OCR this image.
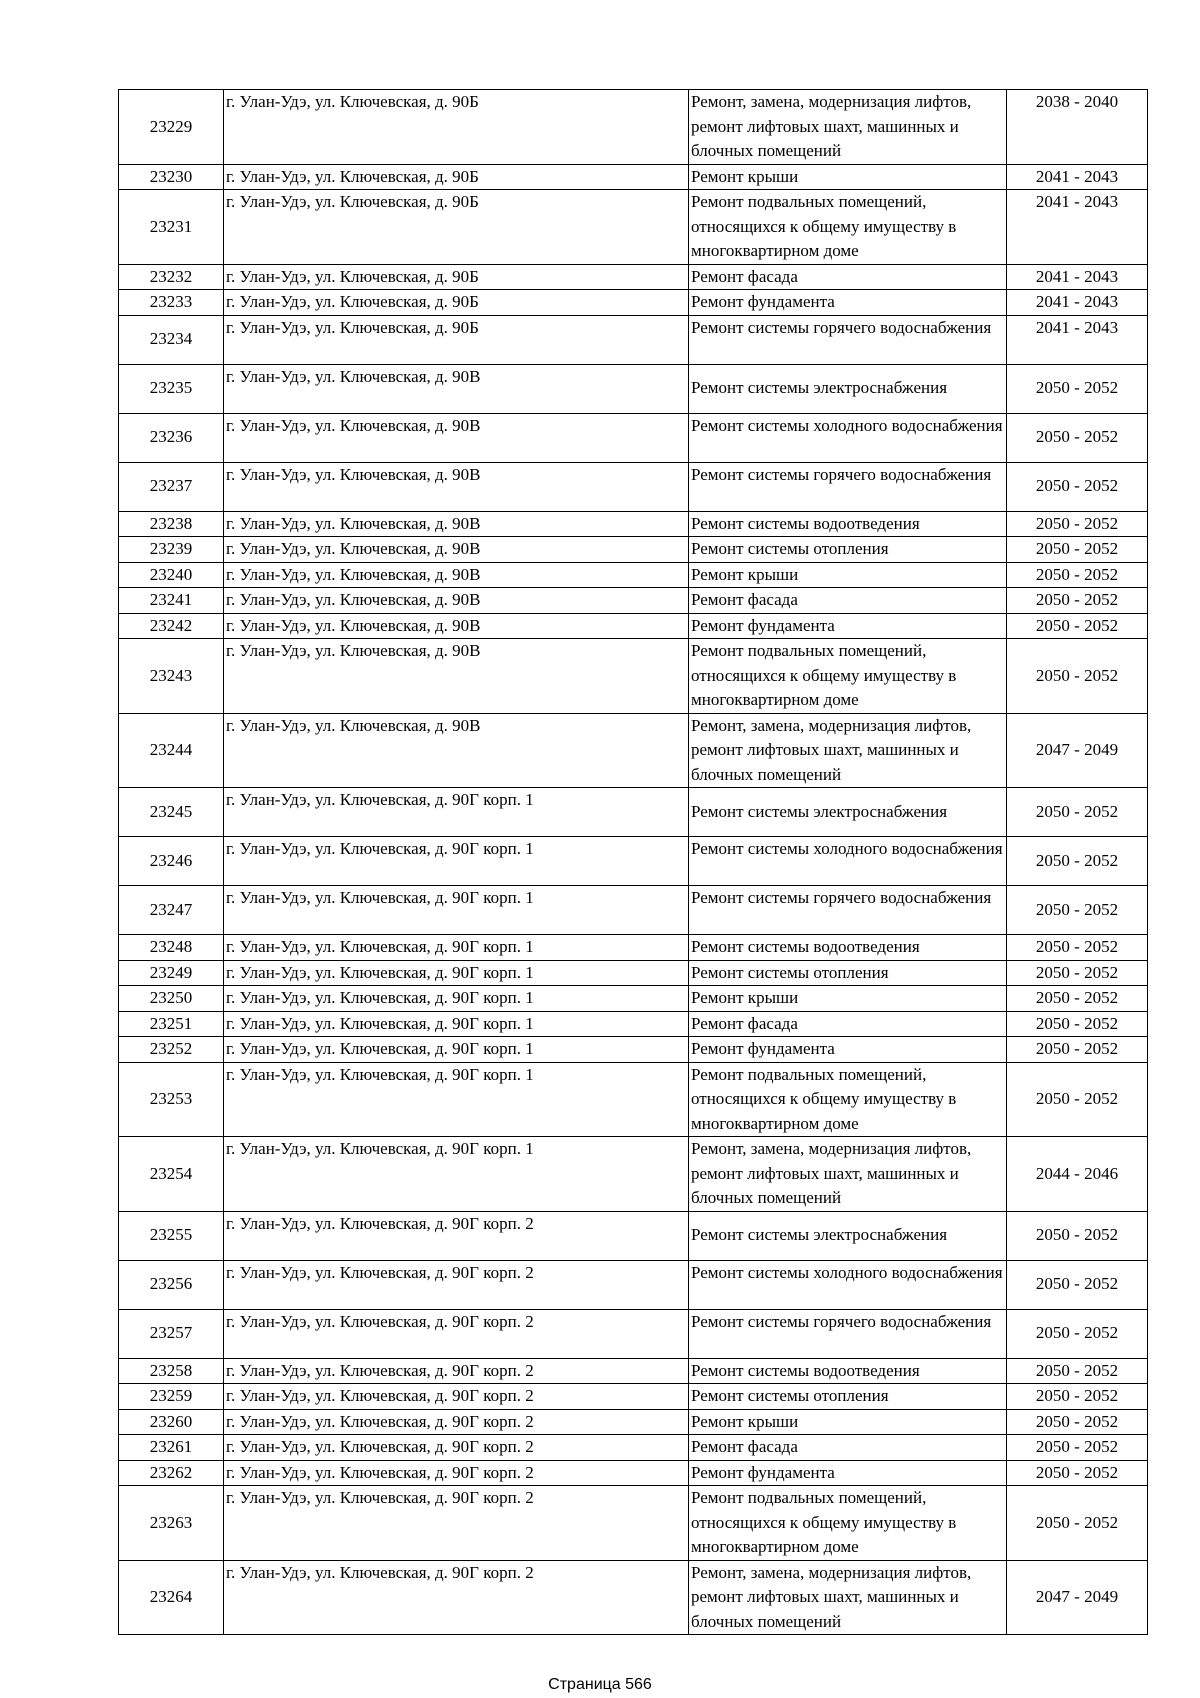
23229	г. Улан-Удэ, ул. Ключевская, д. 90Б	Ремонт, замена, модернизация лифтов, ремонт лифтовых шахт, машинных и блочных помещений	2038 - 2040
23230	г. Улан-Удэ, ул. Ключевская, д. 90Б	Ремонт крыши	2041 - 2043
23231	г. Улан-Удэ, ул. Ключевская, д. 90Б	Ремонт подвальных помещений, относящихся к общему имуществу в многоквартирном доме	2041 - 2043
23232	г. Улан-Удэ, ул. Ключевская, д. 90Б	Ремонт фасада	2041 - 2043
23233	г. Улан-Удэ, ул. Ключевская, д. 90Б	Ремонт фундамента	2041 - 2043
23234	г. Улан-Удэ, ул. Ключевская, д. 90Б	Ремонт системы горячего водоснабжения	2041 - 2043
23235	г. Улан-Удэ, ул. Ключевская, д. 90В	Ремонт системы электроснабжения	2050 - 2052
23236	г. Улан-Удэ, ул. Ключевская, д. 90В	Ремонт системы холодного водоснабжения	2050 - 2052
23237	г. Улан-Удэ, ул. Ключевская, д. 90В	Ремонт системы горячего водоснабжения	2050 - 2052
23238	г. Улан-Удэ, ул. Ключевская, д. 90В	Ремонт системы водоотведения	2050 - 2052
23239	г. Улан-Удэ, ул. Ключевская, д. 90В	Ремонт системы отопления	2050 - 2052
23240	г. Улан-Удэ, ул. Ключевская, д. 90В	Ремонт крыши	2050 - 2052
23241	г. Улан-Удэ, ул. Ключевская, д. 90В	Ремонт фасада	2050 - 2052
23242	г. Улан-Удэ, ул. Ключевская, д. 90В	Ремонт фундамента	2050 - 2052
23243	г. Улан-Удэ, ул. Ключевская, д. 90В	Ремонт подвальных помещений, относящихся к общему имуществу в многоквартирном доме	2050 - 2052
23244	г. Улан-Удэ, ул. Ключевская, д. 90В	Ремонт, замена, модернизация лифтов, ремонт лифтовых шахт, машинных и блочных помещений	2047 - 2049
23245	г. Улан-Удэ, ул. Ключевская, д. 90Г корп. 1	Ремонт системы электроснабжения	2050 - 2052
23246	г. Улан-Удэ, ул. Ключевская, д. 90Г корп. 1	Ремонт системы холодного водоснабжения	2050 - 2052
23247	г. Улан-Удэ, ул. Ключевская, д. 90Г корп. 1	Ремонт системы горячего водоснабжения	2050 - 2052
23248	г. Улан-Удэ, ул. Ключевская, д. 90Г корп. 1	Ремонт системы водоотведения	2050 - 2052
23249	г. Улан-Удэ, ул. Ключевская, д. 90Г корп. 1	Ремонт системы отопления	2050 - 2052
23250	г. Улан-Удэ, ул. Ключевская, д. 90Г корп. 1	Ремонт крыши	2050 - 2052
23251	г. Улан-Удэ, ул. Ключевская, д. 90Г корп. 1	Ремонт фасада	2050 - 2052
23252	г. Улан-Удэ, ул. Ключевская, д. 90Г корп. 1	Ремонт фундамента	2050 - 2052
23253	г. Улан-Удэ, ул. Ключевская, д. 90Г корп. 1	Ремонт подвальных помещений, относящихся к общему имуществу в многоквартирном доме	2050 - 2052
23254	г. Улан-Удэ, ул. Ключевская, д. 90Г корп. 1	Ремонт, замена, модернизация лифтов, ремонт лифтовых шахт, машинных и блочных помещений	2044 - 2046
23255	г. Улан-Удэ, ул. Ключевская, д. 90Г корп. 2	Ремонт системы электроснабжения	2050 - 2052
23256	г. Улан-Удэ, ул. Ключевская, д. 90Г корп. 2	Ремонт системы холодного водоснабжения	2050 - 2052
23257	г. Улан-Удэ, ул. Ключевская, д. 90Г корп. 2	Ремонт системы горячего водоснабжения	2050 - 2052
23258	г. Улан-Удэ, ул. Ключевская, д. 90Г корп. 2	Ремонт системы водоотведения	2050 - 2052
23259	г. Улан-Удэ, ул. Ключевская, д. 90Г корп. 2	Ремонт системы отопления	2050 - 2052
23260	г. Улан-Удэ, ул. Ключевская, д. 90Г корп. 2	Ремонт крыши	2050 - 2052
23261	г. Улан-Удэ, ул. Ключевская, д. 90Г корп. 2	Ремонт фасада	2050 - 2052
23262	г. Улан-Удэ, ул. Ключевская, д. 90Г корп. 2	Ремонт фундамента	2050 - 2052
23263	г. Улан-Удэ, ул. Ключевская, д. 90Г корп. 2	Ремонт подвальных помещений, относящихся к общему имуществу в многоквартирном доме	2050 - 2052
23264	г. Улан-Удэ, ул. Ключевская, д. 90Г корп. 2	Ремонт, замена, модернизация лифтов, ремонт лифтовых шахт, машинных и блочных помещений	2047 - 2049
Страница 566
